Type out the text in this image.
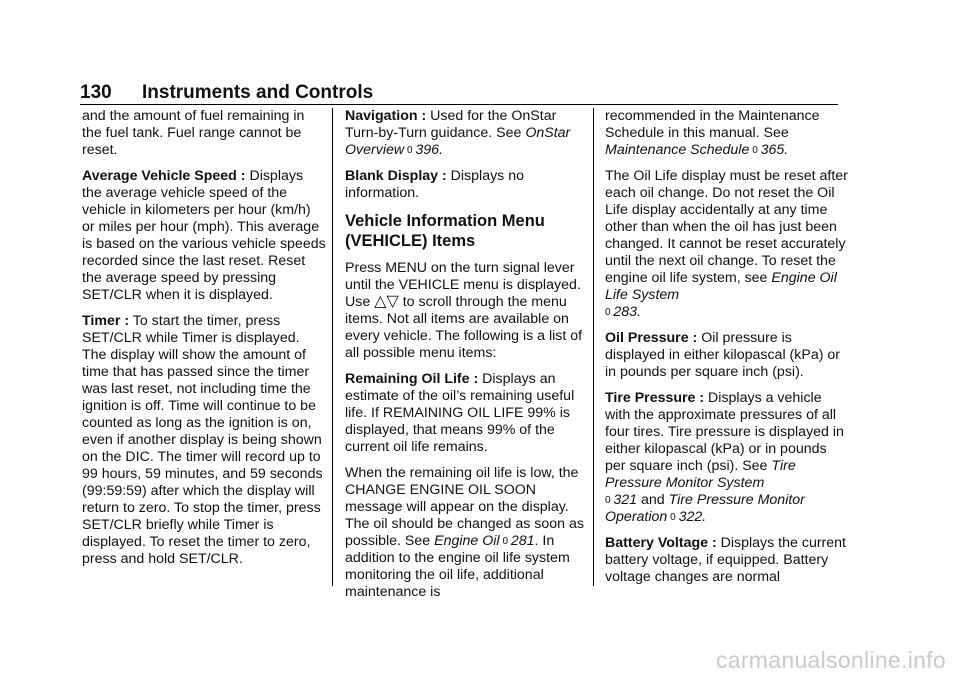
130 Instruments and Controls

and the amount of fuel remaining in the fuel tank. Fuel range cannot be reset.

Average Vehicle Speed : Displays the average vehicle speed of the vehicle in kilometers per hour (km/h) or miles per hour (mph). This average is based on the various vehicle speeds recorded since the last reset. Reset the average speed by pressing SET/CLR when it is displayed.

Timer : To start the timer, press SET/CLR while Timer is displayed. The display will show the amount of time that has passed since the timer was last reset, not including time the ignition is off. Time will continue to be counted as long as the ignition is on, even if another display is being shown on the DIC. The timer will record up to 99 hours, 59 minutes, and 59 seconds (99:59:59) after which the display will return to zero. To stop the timer, press SET/CLR briefly while Timer is displayed. To reset the timer to zero, press and hold SET/CLR.

Navigation : Used for the OnStar Turn-by-Turn guidance. See OnStar Overview  0  396.

Blank Display : Displays no information.

Vehicle Information Menu (VEHICLE) Items

Press MENU on the turn signal lever until the VEHICLE menu is displayed. Use △▽ to scroll through the menu items. Not all items are available on every vehicle. The following is a list of all possible menu items:

Remaining Oil Life : Displays an estimate of the oil’s remaining useful life. If REMAINING OIL LIFE 99% is displayed, that means 99% of the current oil life remains.

When the remaining oil life is low, the CHANGE ENGINE OIL SOON message will appear on the display. The oil should be changed as soon as possible. See Engine Oil  0  281. In addition to the engine oil life system monitoring the oil life, additional maintenance is

recommended in the Maintenance Schedule in this manual. See Maintenance Schedule  0  365.

The Oil Life display must be reset after each oil change. Do not reset the Oil Life display accidentally at any time other than when the oil has just been changed. It cannot be reset accurately until the next oil change. To reset the engine oil life system, see Engine Oil Life System
0  283.

Oil Pressure : Oil pressure is displayed in either kilopascal (kPa) or in pounds per square inch (psi).

Tire Pressure : Displays a vehicle with the approximate pressures of all four tires. Tire pressure is displayed in either kilopascal (kPa) or in pounds per square inch (psi). See Tire Pressure Monitor System
0  321 and Tire Pressure Monitor Operation  0  322.

Battery Voltage : Displays the current battery voltage, if equipped. Battery voltage changes are normal

carmanualsonline.info
